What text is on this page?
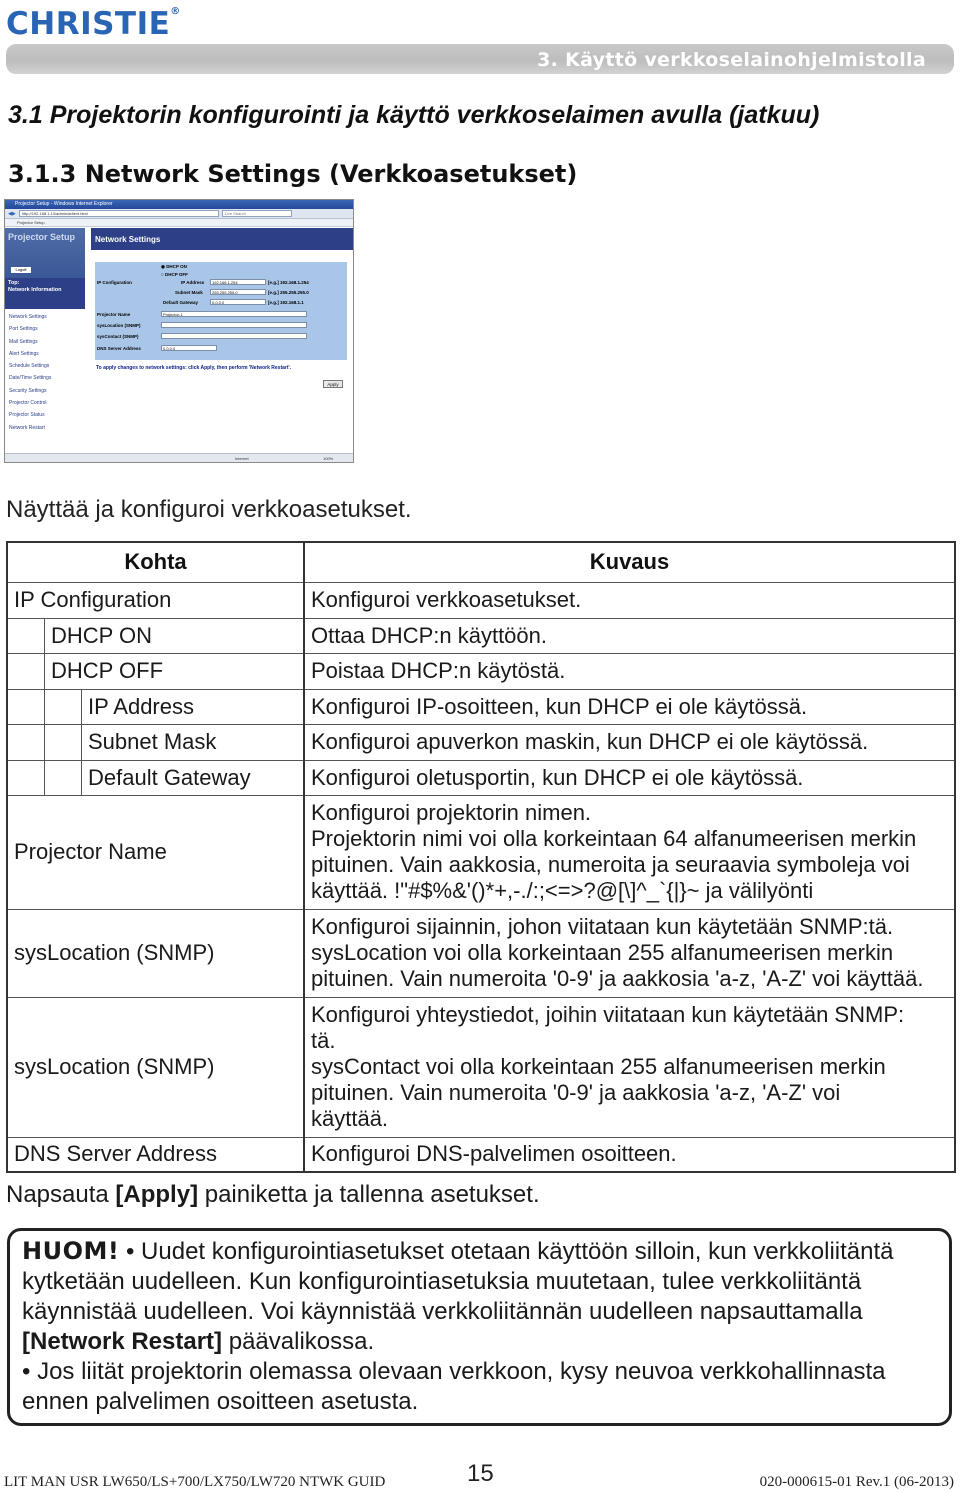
CHRISTIE®
3. Käyttö verkkoselainohjelmistolla
3.1 Projektorin konfigurointi ja käyttö verkkoselaimen avulla (jatkuu)
3.1.3 Network Settings (Verkkoasetukset)
Projector Setup - Windows Internet Explorer
◀▶	http://192.168.1.10/admin/adtext.html	Live Search
Projector Setup
Projector Setup
Logoff
Top:
Network Information
Network Settings
Port Settings
Mail Settings
Alert Settings
Schedule Settings
Date/Time Settings
Security Settings
Projector Control
Projector Status
Network Restart
Network Settings
IP Configuration
◉ DHCP ON
○ DHCP OFF
IP Address	192.168.1.254	[e.g.] 192.168.1.254
Subnet Mask	255.255.255.0	[e.g.] 255.255.255.0
Default Gateway	0.0.0.0	[e.g.] 192.168.1.1
Projector Name	Projector-1
sysLocation (SNMP)
sysContact (SNMP)
DNS Server Address	0.0.0.0
To apply changes to network settings: click Apply, then perform 'Network Restart'.
Apply
Internet	100%
Näyttää ja konfiguroi verkkoasetukset.
Kohta	Kuvaus
IP Configuration	Konfiguroi verkkoasetukset.
DHCP ON	Ottaa DHCP:n käyttöön.
DHCP OFF	Poistaa DHCP:n käytöstä.
IP Address	Konfiguroi IP-osoitteen, kun DHCP ei ole käytössä.
Subnet Mask	Konfiguroi apuverkon maskin, kun DHCP ei ole käytössä.
Default Gateway	Konfiguroi oletusportin, kun DHCP ei ole käytössä.
Projector Name	Konfiguroi projektorin nimen.
Projektorin nimi voi olla korkeintaan 64 alfanumeerisen merkin
pituinen. Vain aakkosia, numeroita ja seuraavia symboleja voi
käyttää. !"#$%&'()*+,-./:;<=>?@[\]^_`{|}~ ja välilyönti

sysLocation (SNMP)	Konfiguroi sijainnin, johon viitataan kun käytetään SNMP:tä.
sysLocation voi olla korkeintaan 255 alfanumeerisen merkin
pituinen. Vain numeroita '0-9' ja aakkosia 'a-z, 'A-Z' voi käyttää.

sysLocation (SNMP)	Konfiguroi yhteystiedot, joihin viitataan kun käytetään SNMP:
tä.
sysContact voi olla korkeintaan 255 alfanumeerisen merkin
pituinen. Vain numeroita '0-9' ja aakkosia 'a-z, 'A-Z' voi
käyttää.

DNS Server Address	Konfiguroi DNS-palvelimen osoitteen.
Napsauta [Apply] painiketta ja tallenna asetukset.
HUOM! • Uudet konfigurointiasetukset otetaan käyttöön silloin, kun verkkoliitäntä kytketään uudelleen. Kun konfigurointiasetuksia muutetaan, tulee verkkoliitäntä käynnistää uudelleen. Voi käynnistää verkkoliitännän uudelleen napsauttamalla [Network Restart] päävalikossa.
• Jos liität projektorin olemassa olevaan verkkoon, kysy neuvoa verkkohallinnasta ennen palvelimen osoitteen asetusta.
LIT MAN USR LW650/LS+700/LX750/LW720 NTWK GUID	15	020-000615-01 Rev.1 (06-2013)
